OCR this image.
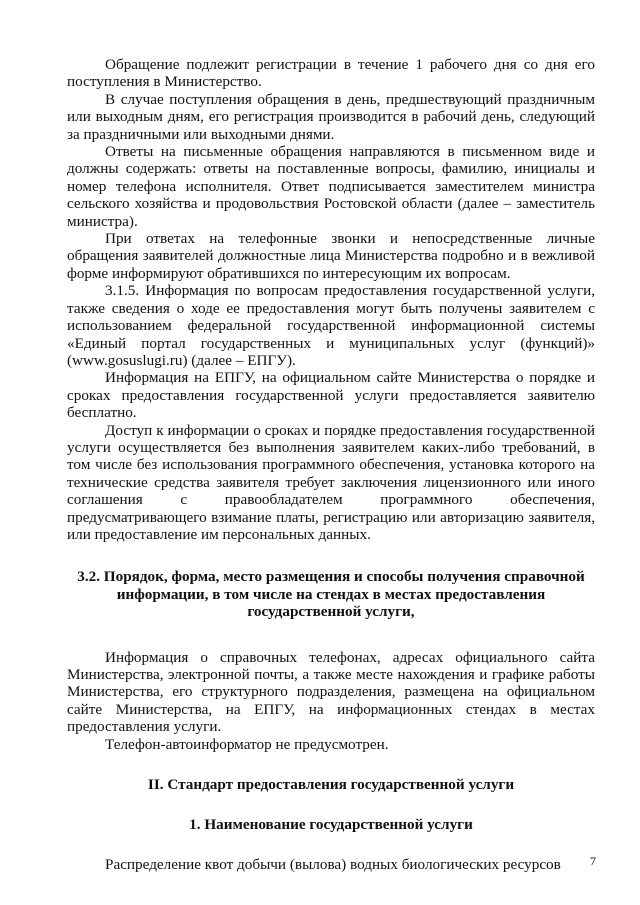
Обращение подлежит регистрации в течение 1 рабочего дня со дня его поступления в Министерство.

В случае поступления обращения в день, предшествующий праздничным или выходным дням, его регистрация производится в рабочий день, следующий за праздничными или выходными днями.

Ответы на письменные обращения направляются в письменном виде и должны содержать: ответы на поставленные вопросы, фамилию, инициалы и номер телефона исполнителя. Ответ подписывается заместителем министра сельского хозяйства и продовольствия Ростовской области (далее – заместитель министра).

При ответах на телефонные звонки и непосредственные личные обращения заявителей должностные лица Министерства подробно и в вежливой форме информируют обратившихся по интересующим их вопросам.

3.1.5. Информация по вопросам предоставления государственной услуги, также сведения о ходе ее предоставления могут быть получены заявителем с использованием федеральной государственной информационной системы «Единый портал государственных и муниципальных услуг (функций)» (www.gosuslugi.ru) (далее – ЕПГУ).

Информация на ЕПГУ, на официальном сайте Министерства о порядке и сроках предоставления государственной услуги предоставляется заявителю бесплатно.

Доступ к информации о сроках и порядке предоставления государственной услуги осуществляется без выполнения заявителем каких-либо требований, в том числе без использования программного обеспечения, установка которого на технические средства заявителя требует заключения лицензионного или иного соглашения с правообладателем программного обеспечения, предусматривающего взимание платы, регистрацию или авторизацию заявителя, или предоставление им персональных данных.

3.2. Порядок, форма, место размещения и способы получения справочной информации, в том числе на стендах в местах предоставления государственной услуги,

Информация о справочных телефонах, адресах официального сайта Министерства, электронной почты, а также месте нахождения и графике работы Министерства, его структурного подразделения, размещена на официальном сайте Министерства, на ЕПГУ, на информационных стендах в местах предоставления услуги.

Телефон-автоинформатор не предусмотрен.

II. Стандарт предоставления государственной услуги

1. Наименование государственной услуги

Распределение квот добычи (вылова) водных биологических ресурсов	7
